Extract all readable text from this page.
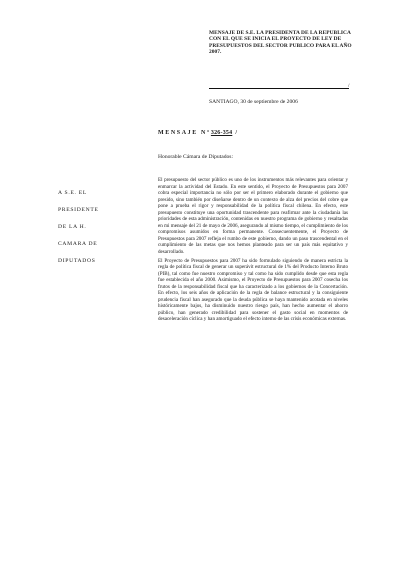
MENSAJE DE S.E. LA PRESIDENTA DE LA REPUBLICA CON EL QUE SE INICIA EL PROYECTO DE LEY DE PRESUPUESTOS DEL SECTOR PUBLICO PARA EL AÑO 2007.
/
SANTIAGO, 30 de septiembre de 2006
MENSAJE N°326-354 /
Honorable Cámara de Diputados:
A S.E. EL
PRESIDENTE
DE LA H.
CAMARA DE
DIPUTADOS

El presupuesto del sector público es uno de los instrumentos más relevantes para orientar y enmarcar la actividad del Estado. En este sentido, el Proyecto de Presupuestos para 2007 cobra especial importancia no sólo por ser el primero elaborado durante el gobierno que presido, sino también por diseñarse dentro de un contexto de alza del precios del cobre que pone a prueba el rigor y responsabilidad de la política fiscal chilena. En efecto, este presupuesto constituye una oportunidad trascendente para reafirmar ante la ciudadanía las prioridades de esta administración, contenidas en nuestro programa de gobierno y resaltadas en mi mensaje del 21 de mayo de 2006, asegurando al mismo tiempo, el cumplimiento de los compromisos asumidos en forma permanente. Consecuentemente, el Proyecto de Presupuestos para 2007 refleja el rumbo de este gobierno, dando un paso trascendental en el cumplimiento de las metas que nos hemos planteado para ser un país más equitativo y desarrollado.

El Proyecto de Presupuestos para 2007 ha sido formulado siguiendo de manera estricta la regla de política fiscal de generar un superávit estructural de 1% del Producto Interno Bruto (PIB), tal como fue nuestro compromiso y tal como ha sido cumplido desde que esta regla fue establecida el año 2000. Asimismo, el Proyecto de Presupuestos para 2007 cosecha los frutos de la responsabilidad fiscal que ha caracterizado a los gobiernos de la Concertación. En efecto, los seis años de aplicación de la regla de balance estructural y la consiguiente prudencia fiscal han asegurado que la deuda pública se haya mantenido acotada en niveles históricamente bajos, ha disminuido nuestro riesgo país, han hecho aumentar el ahorro público, han generado credibilidad para sostener el gasto social en momentos de desaceleración cíclica y han amortiguado el efecto interno de las crisis económicas externas.
